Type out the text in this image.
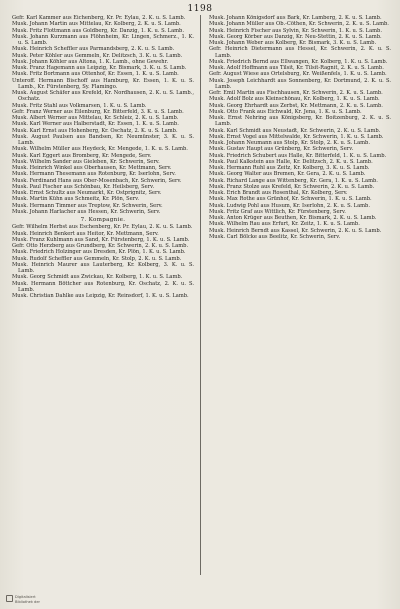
1198

Gefr. Karl Kammer aus Eichenberg, Kr. Pr. Eylau, 2. K. u. S. Lamb.

Musk. Johann Martin aus Mittelau, Kr. Kolberg, 2. K. u. S. Lamb.

Musk. Fritz Flottmann aus Goldberg, Kr. Danzig, 1. K. u. S. Lamb.

Musk. Johann Kurzmann aus Flöhnheim, Kr. Lingen, Schmerz., 1. K. u. S. Lamb.

Musk. Heinrich Scheffler aus Parmandsberg, 2. K. u. S. Lamb.

Musk. Peter Köhler aus Gemmeln, Kr. Delitzsch, 3. K. u. S. Lamb.

Musk. Johann Köhler aus Altona, 1. K. Lamb., ohne Gewehr.

Musk. Franz Hagemann aus Leipzig, Kr. Bismark, 3. K. u. S. Lamb.

Musk. Fritz Bortmann aus Ottenhof, Kr. Essen, 1. K. u. S. Lamb.

Unteroff. Hermann Bischoff aus Hamburg, Kr. Essen, 1. K. u. S. Lamb., Kr. Fürstenberg, Sy. Flamingo.

Musk. August Schäfer aus Krefeld, Kr. Nordhausen, 2. K. u. S. Lamb., Oschatz.

Musk. Fritz Stahl aus Volkmarsen, 1. K. u. S. Lamb.

Gefr. Franz Werner aus Eilenburg, Kr. Bitterfeld, 3. K. u. S. Lamb.

Musk. Albert Werner aus Mittelau, Kr. Schleiz, 2. K. u. S. Lamb.

Musk. Karl Werner aus Halberstadt, Kr. Essen, 1. K. u. S. Lamb.

Musk. Karl Ernst aus Hohenberg, Kr. Oschatz, 2. K. u. S. Lamb.

Musk. August Paulsen aus Bandsen, Kr. Neumünster, 3. K. u. S. Lamb.

Musk. Wilhelm Müller aus Heydeck, Kr. Mengede, 1. K. u. S. Lamb.

Musk. Karl Eggert aus Bromberg, Kr. Mengede, Serv.

Musk. Wilhelm Sander aus Gieleben, Kr. Schwerin, Serv.

Musk. Heinrich Winkel aus Oberhausen, Kr. Mettmann, Serv.

Musk. Hermann Thesemann aus Rotenburg, Kr. Iserlohn, Serv.

Musk. Ferdinand Hans aus Ober-Mosenbach, Kr. Schwerin, Serv.

Musk. Paul Fischer aus Schönbau, Kr. Heilsberg, Serv.

Musk. Ernst Schultz aus Neumarkt, Kr. Ostprignitz, Serv.

Musk. Martin Kühn aus Schmeitz, Kr. Plön, Serv.

Musk. Hermann Timmer aus Treptow, Kr. Schwerin, Serv.

Musk. Johann Harlacher aus Hessen, Kr. Schwerin, Serv.

7. Kompagnie.

Gefr. Wilhelm Herbst aus Eschenberg, Kr. Pr. Eylau, 2. K. u. S. Lamb.

Musk. Heinrich Benkert aus Heitor, Kr. Mettmann, Serv.

Musk. Franz Kuhlmann aus Sand, Kr. Fürstenberg, 1. K. u. S. Lamb.

Gefr. Otto Herzberg aus Grundberg, Kr. Schwerin, 2. K. u. S. Lamb.

Musk. Friedrich Holzinger aus Dresden, Kr. Plön, 1. K. u. S. Lamb.

Musk. Rudolf Scheffler aus Gemmeln, Kr. Stolp, 2. K. u. S. Lamb.

Musk. Heinrich Maurer aus Lauterberg, Kr. Kolberg, 3. K. u. S. Lamb.

Musk. Georg Schmidt aus Zwickau, Kr. Kolberg, 1. K. u. S. Lamb.

Musk. Hermann Böttcher aus Rotenburg, Kr. Oschatz, 2. K. u. S. Lamb.

Musk. Christian Dahlke aus Leipzig, Kr. Reinsdorf, 1. K. u. S. Lamb.

Musk. Johann Königsdorf aus Bark, Kr. Lamberg, 2. K. u. S. Lamb.

Musk. Johann Müller aus Ob.-Cöthen, Kr. Schwerin, 2. K. u. S. Lamb.

Musk. Heinrich Fischer aus Sylvin, Kr. Schwerin, 1. K. u. S. Lamb.

Musk. Georg Körber aus Danzig, Kr. Neu-Stettin, 2. K. u. S. Lamb.

Musk. Johann Weber aus Kolberg, Kr. Bismark, 3. K. u. S. Lamb.

Gefr. Heinrich Dietermann aus Hessel, Kr. Schwerin, 2. K. u. S. Lamb.

Musk. Friedrich Bernd aus Ellwangen, Kr. Kolberg, 1. K. u. S. Lamb.

Musk. Adolf Hoffmann aus Tilsit, Kr. Tilsit-Ragnit, 2. K. u. S. Lamb.

Gefr. August Wiese aus Ortelsburg, Kr. Weißenfels, 1. K. u. S. Lamb.

Musk. Joseph Leichhardt aus Sonnenberg, Kr. Dortmund, 2. K. u. S. Lamb.

Gefr. Emil Martin aus Fischhausen, Kr. Schwerin, 2. K. u. S. Lamb.

Musk. Adolf Bolz aus Kleinschönau, Kr. Kolberg, 1. K. u. S. Lamb.

Musk. Georg Ehrhardt aus Zerbst, Kr. Mettmann, 2. K. u. S. Lamb.

Musk. Otto Frank aus Eichwald, Kr. Jena, 1. K. u. S. Lamb.

Musk. Ernst Nehring aus Königsberg, Kr. Boitzenburg, 2. K. u. S. Lamb.

Musk. Karl Schmidt aus Neustadt, Kr. Schwerin, 2. K. u. S. Lamb.

Musk. Ernst Vogel aus Mittelwalde, Kr. Schwerin, 1. K. u. S. Lamb.

Musk. Johann Neumann aus Stolp, Kr. Stolp, 2. K. u. S. Lamb.

Musk. Gustav Haupt aus Grünberg, Kr. Schwerin, Serv.

Musk. Friedrich Schubert aus Halle, Kr. Bitterfeld, 1. K. u. S. Lamb.

Musk. Paul Kalkstein aus Halle, Kr. Delitzsch, 2. K. u. S. Lamb.

Musk. Hermann Ruhl aus Zeitz, Kr. Kolberg, 3. K. u. S. Lamb.

Musk. Georg Walter aus Bremen, Kr. Gera, 2. K. u. S. Lamb.

Musk. Richard Lange aus Wittenberg, Kr. Gera, 1. K. u. S. Lamb.

Musk. Franz Stolze aus Krefeld, Kr. Schwerin, 2. K. u. S. Lamb.

Musk. Erich Brandt aus Rosenthal, Kr. Kolberg, Serv.

Musk. Max Rothe aus Grünhof, Kr. Schwerin, 1. K. u. S. Lamb.

Musk. Ludwig Pohl aus Husum, Kr. Iserlohn, 2. K. u. S. Lamb.

Musk. Fritz Graf aus Wittlich, Kr. Fürstenberg, Serv.

Musk. Anton Krüger aus Beuthen, Kr. Bismark, 2. K. u. S. Lamb.

Musk. Wilhelm Rau aus Erfurt, Kr. Zeitz, 1. K. u. S. Lamb.

Musk. Heinrich Berndt aus Kassel, Kr. Schwerin, 2. K. u. S. Lamb.

Musk. Carl Bölcke aus Beelitz, Kr. Schwerin, Serv.

Digitalisiert
Bibliothek der
